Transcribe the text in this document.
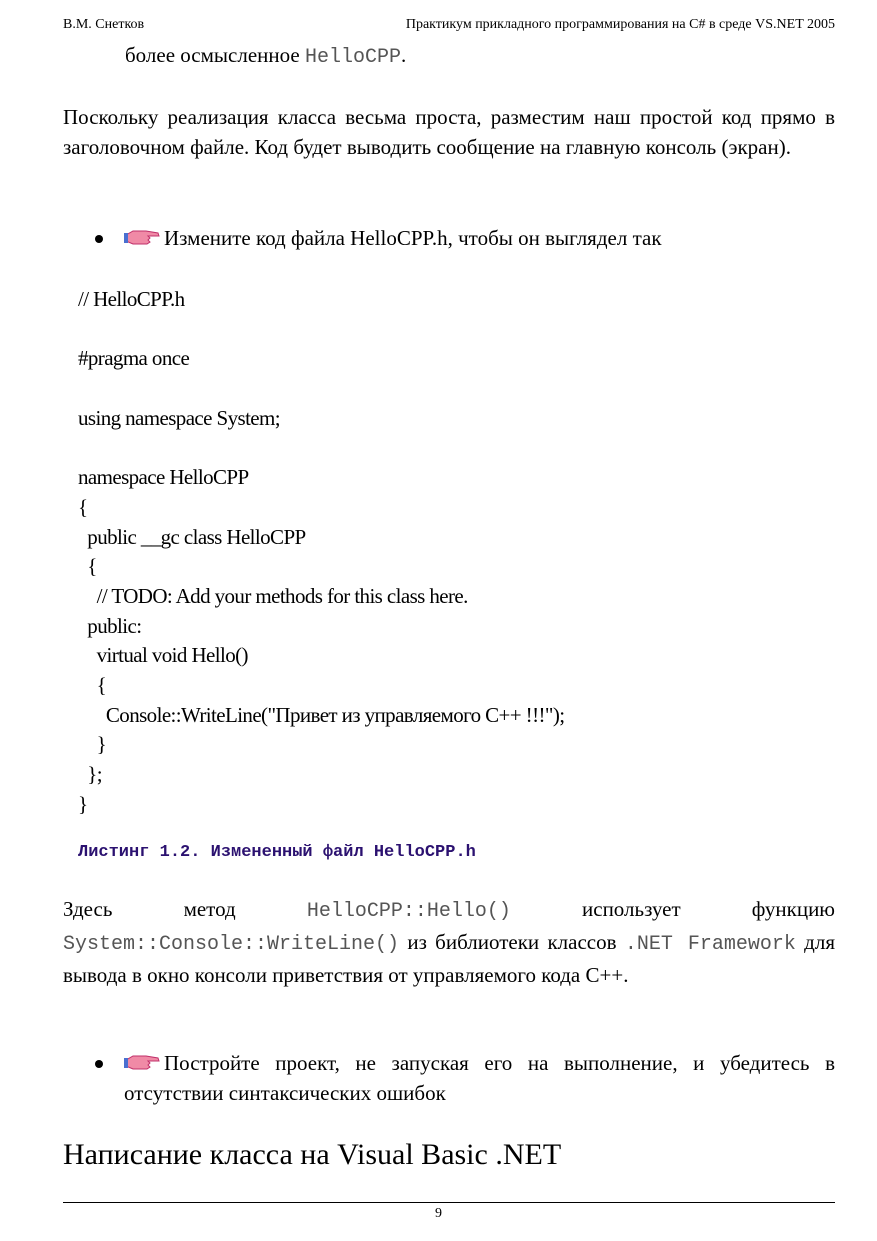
В.М. Снетков	Практикум прикладного программирования на C# в среде VS.NET 2005
более осмысленное HelloCPP.
Поскольку реализация класса весьма проста, разместим наш простой код прямо в заголовочном файле. Код будет выводить сообщение на главную консоль (экран).
Измените код файла HelloCPP.h, чтобы он выглядел так
// HelloCPP.h
#pragma once
using namespace System;
namespace HelloCPP
{
public __gc class HelloCPP
{
// TODO: Add your methods for this class here.
public:
virtual void Hello()
{
Console::WriteLine("Привет из управляемого C++ !!!");
}
};
}
Листинг 1.2. Измененный файл HelloCPP.h
Здесь метод HelloCPP::Hello() использует функцию System::Console::WriteLine() из библиотеки классов .NET Framework для вывода в окно консоли приветствия от управляемого кода C++.
Постройте проект, не запуская его на выполнение, и убедитесь в отсутствии синтаксических ошибок
Написание класса на Visual Basic .NET
9
